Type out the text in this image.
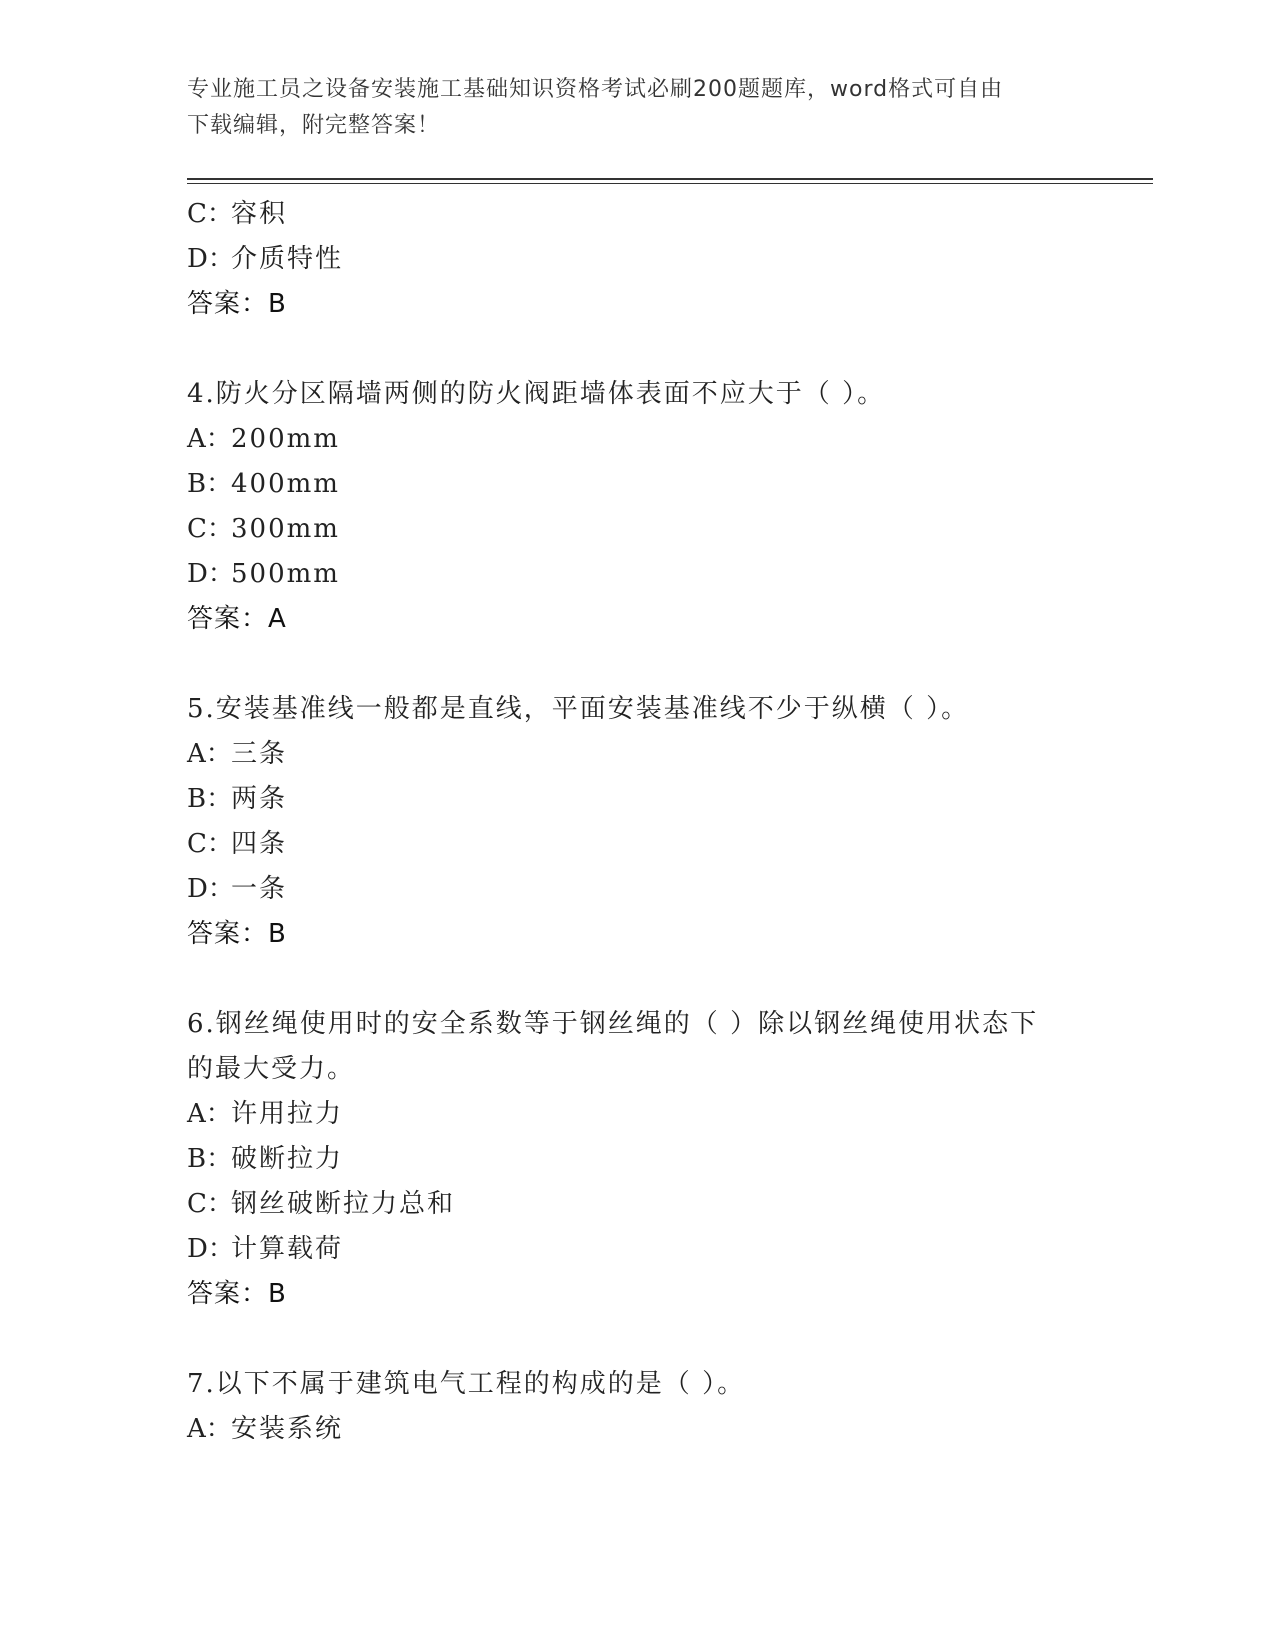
专业施工员之设备安装施工基础知识资格考试必刷200题题库，word格式可自由
下载编辑，附完整答案！
C：容积
D：介质特性
答案：B
4.防火分区隔墙两侧的防火阀距墙体表面不应大于（ ）。
A：200mm
B：400mm
C：300mm
D：500mm
答案：A
5.安装基准线一般都是直线，平面安装基准线不少于纵横（ ）。
A：三条
B：两条
C：四条
D：一条
答案：B
6.钢丝绳使用时的安全系数等于钢丝绳的（ ）除以钢丝绳使用状态下
的最大受力。
A：许用拉力
B：破断拉力
C：钢丝破断拉力总和
D：计算载荷
答案：B
7.以下不属于建筑电气工程的构成的是（ ）。
A：安装系统
